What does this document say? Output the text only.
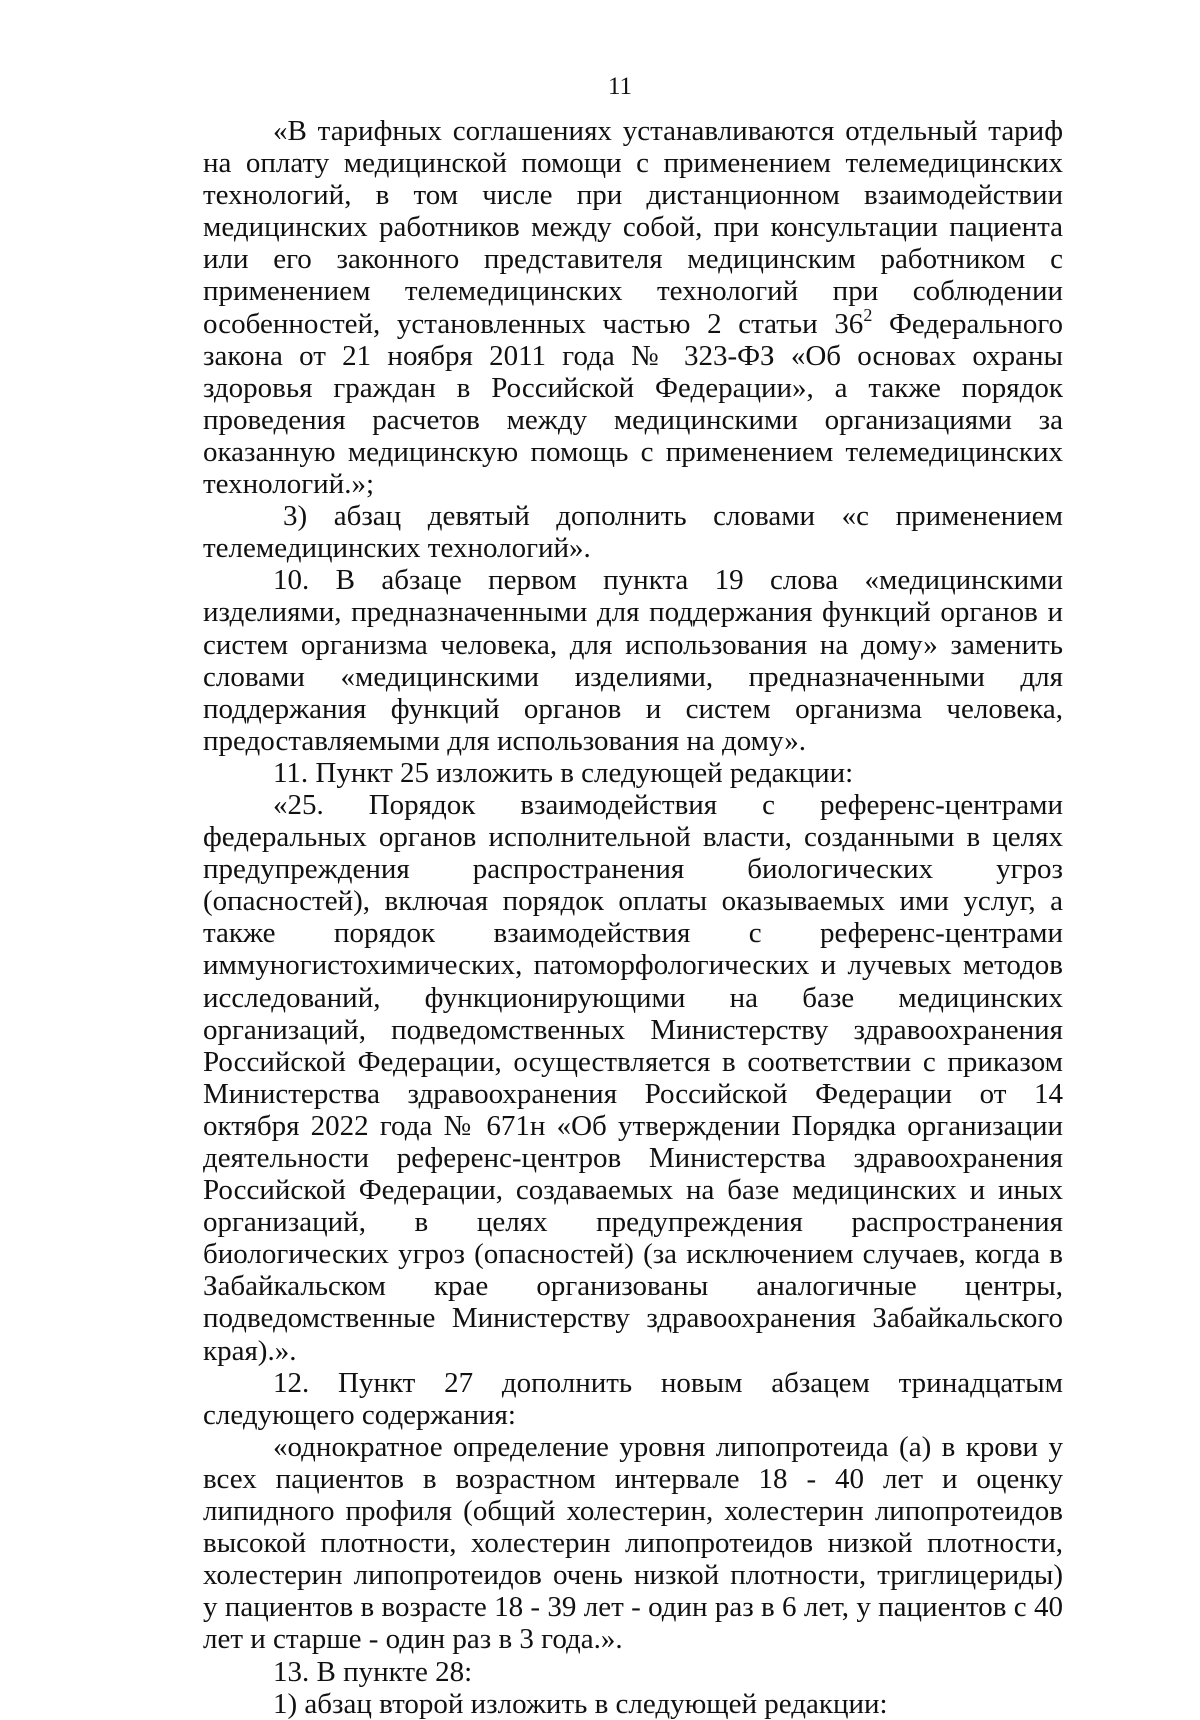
11

«В тарифных соглашениях устанавливаются отдельный тариф на оплату медицинской помощи с применением телемедицинских технологий, в том числе при дистанционном взаимодействии медицинских работников между собой, при консультации пациента или его законного представителя медицинским работником с применением телемедицинских технологий при соблюдении особенностей, установленных частью 2 статьи $36^2$ Федерального закона от 21 ноября 2011 года № 323-ФЗ «Об основах охраны здоровья граждан в Российской Федерации», а также порядок проведения расчетов между медицинскими организациями за оказанную медицинскую помощь с применением телемедицинских технологий.»;

3) абзац девятый дополнить словами «с применением телемедицинских технологий».

10. В абзаце первом пункта 19 слова «медицинскими изделиями, предназначенными для поддержания функций органов и систем организма человека, для использования на дому» заменить словами «медицинскими изделиями, предназначенными для поддержания функций органов и систем организма человека, предоставляемыми для использования на дому».

11. Пункт 25 изложить в следующей редакции:

«25. Порядок взаимодействия с референс-центрами федеральных органов исполнительной власти, созданными в целях предупреждения распространения биологических угроз (опасностей), включая порядок оплаты оказываемых ими услуг, а также порядок взаимодействия с референс-центрами иммуногистохимических, патоморфологических и лучевых методов исследований, функционирующими на базе медицинских организаций, подведомственных Министерству здравоохранения Российской Федерации, осуществляется в соответствии с приказом Министерства здравоохранения Российской Федерации от 14 октября 2022 года № 671н «Об утверждении Порядка организации деятельности референс-центров Министерства здравоохранения Российской Федерации, создаваемых на базе медицинских и иных организаций, в целях предупреждения распространения биологических угроз (опасностей) (за исключением случаев, когда в Забайкальском крае организованы аналогичные центры, подведомственные Министерству здравоохранения Забайкальского края).».

12. Пункт 27 дополнить новым абзацем тринадцатым следующего содержания:

«однократное определение уровня липопротеида (а) в крови у всех пациентов в возрастном интервале 18 - 40 лет и оценку липидного профиля (общий холестерин, холестерин липопротеидов высокой плотности, холестерин липопротеидов низкой плотности, холестерин липопротеидов очень низкой плотности, триглицериды) у пациентов в возрасте 18 - 39 лет - один раз в 6 лет, у пациентов с 40 лет и старше - один раз в 3 года.».

13. В пункте 28:

1) абзац второй изложить в следующей редакции:
